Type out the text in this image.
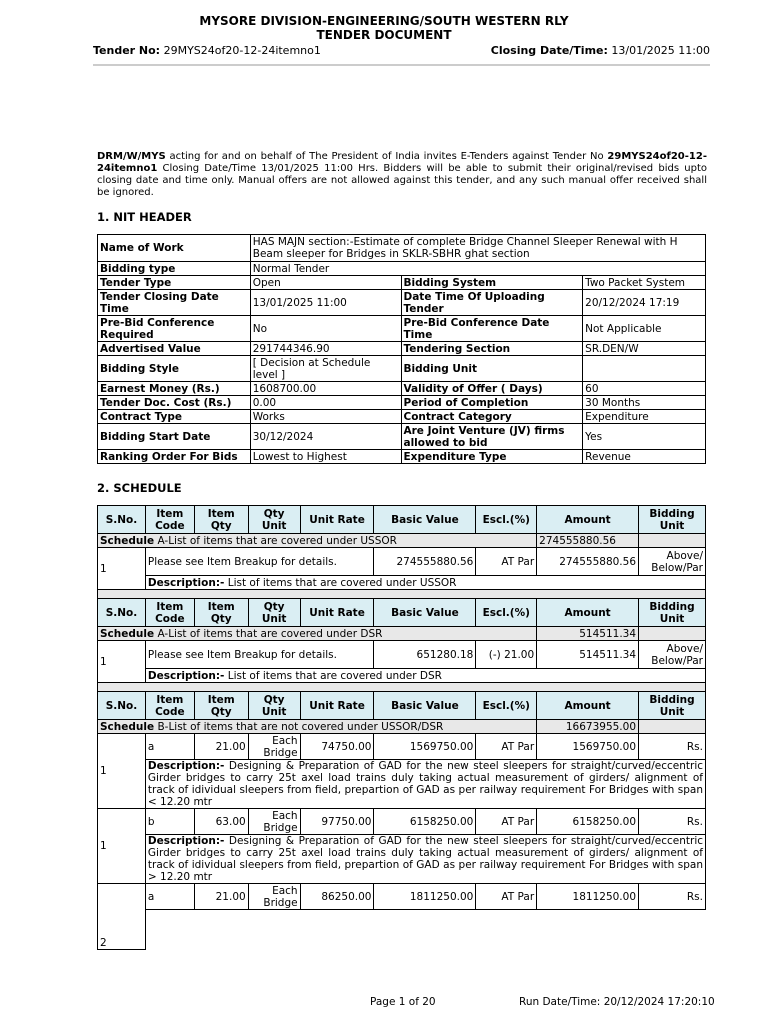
MYSORE DIVISION-ENGINEERING/SOUTH WESTERN RLY
TENDER DOCUMENT
Tender No: 29MYS24of20-12-24itemno1	Closing Date/Time: 13/01/2025 11:00
DRM/W/MYS acting for and on behalf of The President of India invites E-Tenders against Tender No 29MYS24of20-12-24itemno1 Closing Date/Time 13/01/2025 11:00 Hrs. Bidders will be able to submit their original/revised bids upto closing date and time only. Manual offers are not allowed against this tender, and any such manual offer received shall be ignored.
1. NIT HEADER
Name of Work	HAS MAJN section:-Estimate of complete Bridge Channel Sleeper Renewal with H Beam sleeper for Bridges in SKLR-SBHR ghat section		
Bidding type	Normal Tender		
Tender Type	Open	Bidding System	Two Packet System
Tender Closing Date Time	13/01/2025 11:00	Date Time Of Uploading Tender	20/12/2024 17:19
Pre-Bid Conference Required	No	Pre-Bid Conference Date Time	Not Applicable
Advertised Value	291744346.90	Tendering Section	SR.DEN/W
Bidding Style	[ Decision at Schedule level ]	Bidding Unit	
Earnest Money (Rs.)	1608700.00	Validity of Offer ( Days)	60
Tender Doc. Cost (Rs.)	0.00	Period of Completion	30 Months
Contract Type	Works	Contract Category	Expenditure
Bidding Start Date	30/12/2024	Are Joint Venture (JV) firms allowed to bid	Yes
Ranking Order For Bids	Lowest to Highest	Expenditure Type	Revenue
2. SCHEDULE
S.No.	Item Code	Item Qty	Qty Unit	Unit Rate	Basic Value	Escl.(%)	Amount	Bidding Unit
Schedule A-List of items that are covered under USSOR							274555880.56	
1	Please see Item Breakup for details.				274555880.56	AT Par	274555880.56	Above/ Below/Par
	Description:- List of items that are covered under USSOR							

S.No.	Item Code	Item Qty	Qty Unit	Unit Rate	Basic Value	Escl.(%)	Amount	Bidding Unit
Schedule A-List of items that are covered under DSR							514511.34	
1	Please see Item Breakup for details.				651280.18	(-) 21.00	514511.34	Above/ Below/Par
	Description:- List of items that are covered under DSR							

S.No.	Item Code	Item Qty	Qty Unit	Unit Rate	Basic Value	Escl.(%)	Amount	Bidding Unit
Schedule B-List of items that are not covered under USSOR/DSR							16673955.00	
1	a	21.00	Each Bridge	74750.00	1569750.00	AT Par	1569750.00	Rs.
	Description:- Designing & Preparation of GAD for the new steel sleepers for straight/curved/eccentric Girder bridges to carry 25t axel load trains duly taking actual measurement of girders/ alignment of track of idividual sleepers from field, prepartion of GAD as per railway requirement For Bridges with span < 12.20 mtr							
1	b	63.00	Each Bridge	97750.00	6158250.00	AT Par	6158250.00	Rs.
	Description:- Designing & Preparation of GAD for the new steel sleepers for straight/curved/eccentric Girder bridges to carry 25t axel load trains duly taking actual measurement of girders/ alignment of track of idividual sleepers from field, prepartion of GAD as per railway requirement For Bridges with span > 12.20 mtr							
2	a	21.00	Each Bridge	86250.00	1811250.00	AT Par	1811250.00	Rs.

Page 1 of 20	Run Date/Time: 20/12/2024 17:20:10
